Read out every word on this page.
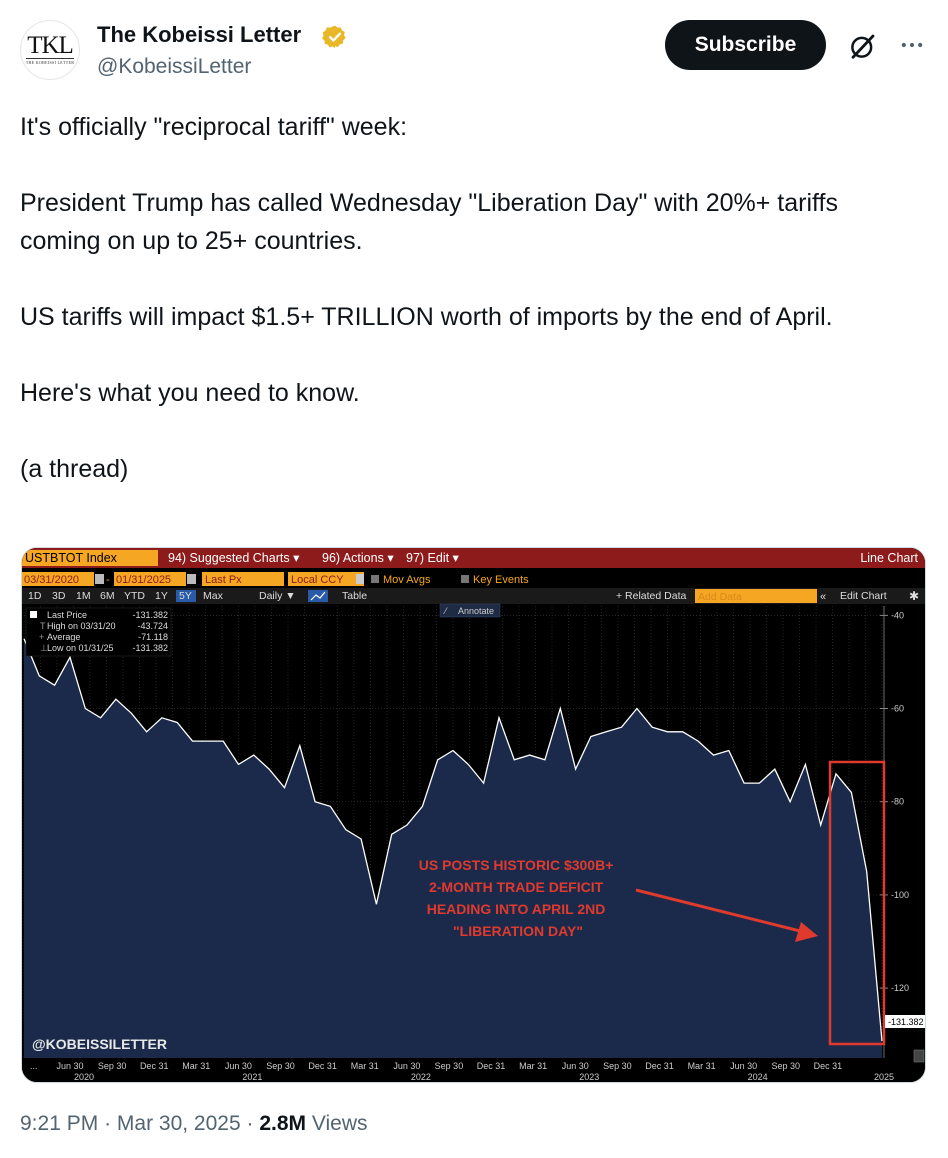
TKL
THE KOBEISSI LETTER
The Kobeissi Letter
@KobeissiLetter
Subscribe

It's officially "reciprocal tariff" week:

President Trump has called Wednesday "Liberation Day" with 20%+ tariffs coming on up to 25+ countries.

US tariffs will impact $1.5+ TRILLION worth of imports by the end of April.

Here's what you need to know.

(a thread)

USTBTOT Index	94) Suggested Charts ▾ 96) Actions ▾ 97) Edit ▾	Line Chart
03/31/2020 - 01/31/2025	Last Px	Local CCY	Mov Avgs	Key Events
1D 3D 1M 6M YTD 1Y 5Y Max	Daily ▼	Table	+ Related Data Add Data	« Edit Chart ✱
-40
-60
-80
-100
-120
... Jun 30
2020
Sep 30 Dec 31 Mar 31 Jun 30
2021
Sep 30 Dec 31 Mar 31 Jun 30
2022
Sep 30 Dec 31 Mar 31 Jun 30
2023
Sep 30 Dec 31 Mar 31 Jun 30
2024
Sep 30 Dec 31
2025
Last Price	-131.382
T High on 03/31/20 -43.724
+ Average	-71.118
⊥ Low on 01/31/25 -131.382
⁄ Annotate
US POSTS HISTORIC $300B+ 2-MONTH TRADE DEFICIT HEADING INTO APRIL 2ND "LIBERATION DAY"
@KOBEISSILETTER
-131.382
9:21 PM · Mar 30, 2025 · 2.8M Views
